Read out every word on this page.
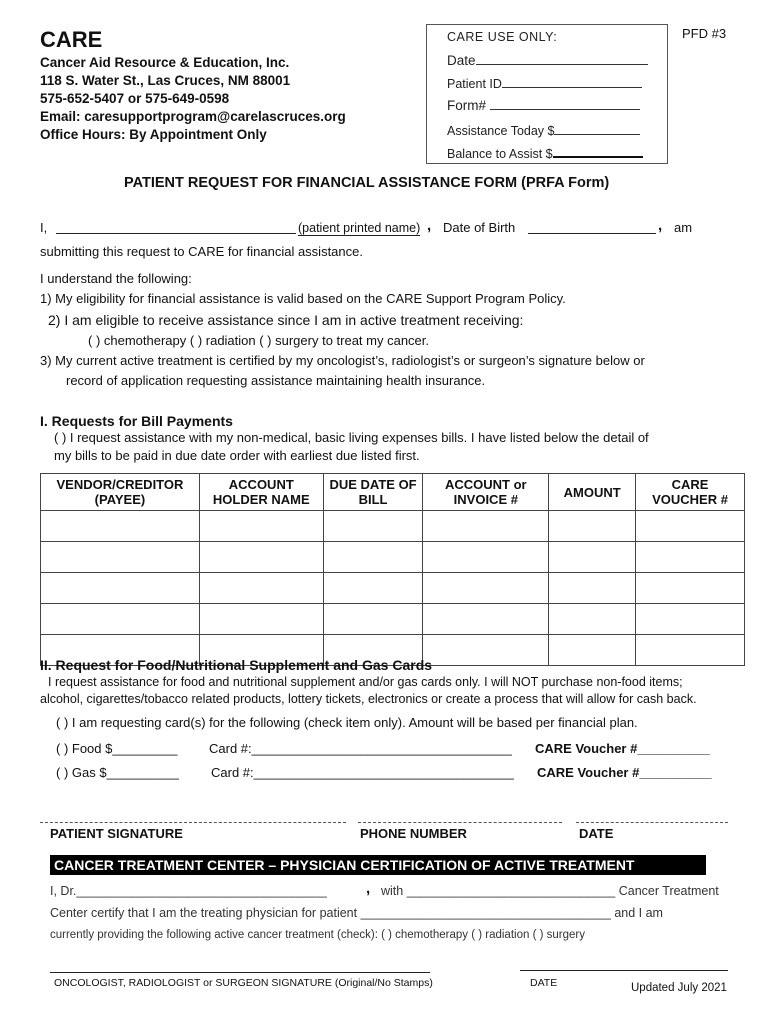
CARE
Cancer Aid Resource & Education, Inc.
118 S. Water St., Las Cruces, NM 88001
575-652-5407 or 575-649-0598
Email: caresupportprogram@carelascruces.org
Office Hours: By Appointment Only
PFD #3
CARE USE ONLY:
Date
Patient ID
Form#
Assistance Today $
Balance to Assist $
PATIENT REQUEST FOR FINANCIAL ASSISTANCE FORM (PRFA Form)
I,	(patient printed name) , Date of Birth	, am
submitting this request to CARE for financial assistance.
I understand the following:
1) My eligibility for financial assistance is valid based on the CARE Support Program Policy.
2) I am eligible to receive assistance since I am in active treatment receiving:
( ) chemotherapy ( ) radiation ( ) surgery to treat my cancer.
3) My current active treatment is certified by my oncologist’s, radiologist’s or surgeon’s signature below or
record of application requesting assistance maintaining health insurance.
I. Requests for Bill Payments
( ) I request assistance with my non-medical, basic living expenses bills. I have listed below the detail of
my bills to be paid in due date order with earliest due listed first.
VENDOR/CREDITOR (PAYEE)	ACCOUNT HOLDER NAME	DUE DATE OF BILL	ACCOUNT or INVOICE #	AMOUNT	CARE VOUCHER #

II. Request for Food/Nutritional Supplement and Gas Cards
I request assistance for food and nutritional supplement and/or gas cards only. I will NOT purchase non-food items;
alcohol, cigarettes/tobacco related products, lottery tickets, electronics or create a process that will allow for cash back.
( ) I am requesting card(s) for the following (check item only). Amount will be based per financial plan.
( ) Food $_________ Card #:____________________________________ CARE Voucher #__________
( ) Gas $__________ Card #:____________________________________ CARE Voucher #__________
PATIENT SIGNATURE	PHONE NUMBER	DATE
CANCER TREATMENT CENTER – PHYSICIAN CERTIFICATION OF ACTIVE TREATMENT
I, Dr.____________________________________	, with ______________________________ Cancer Treatment
Center certify that I am the treating physician for patient ____________________________________ and I am
currently providing the following active cancer treatment (check): ( ) chemotherapy ( ) radiation ( ) surgery
ONCOLOGIST, RADIOLOGIST or SURGEON SIGNATURE (Original/No Stamps)	DATE	Updated July 2021
